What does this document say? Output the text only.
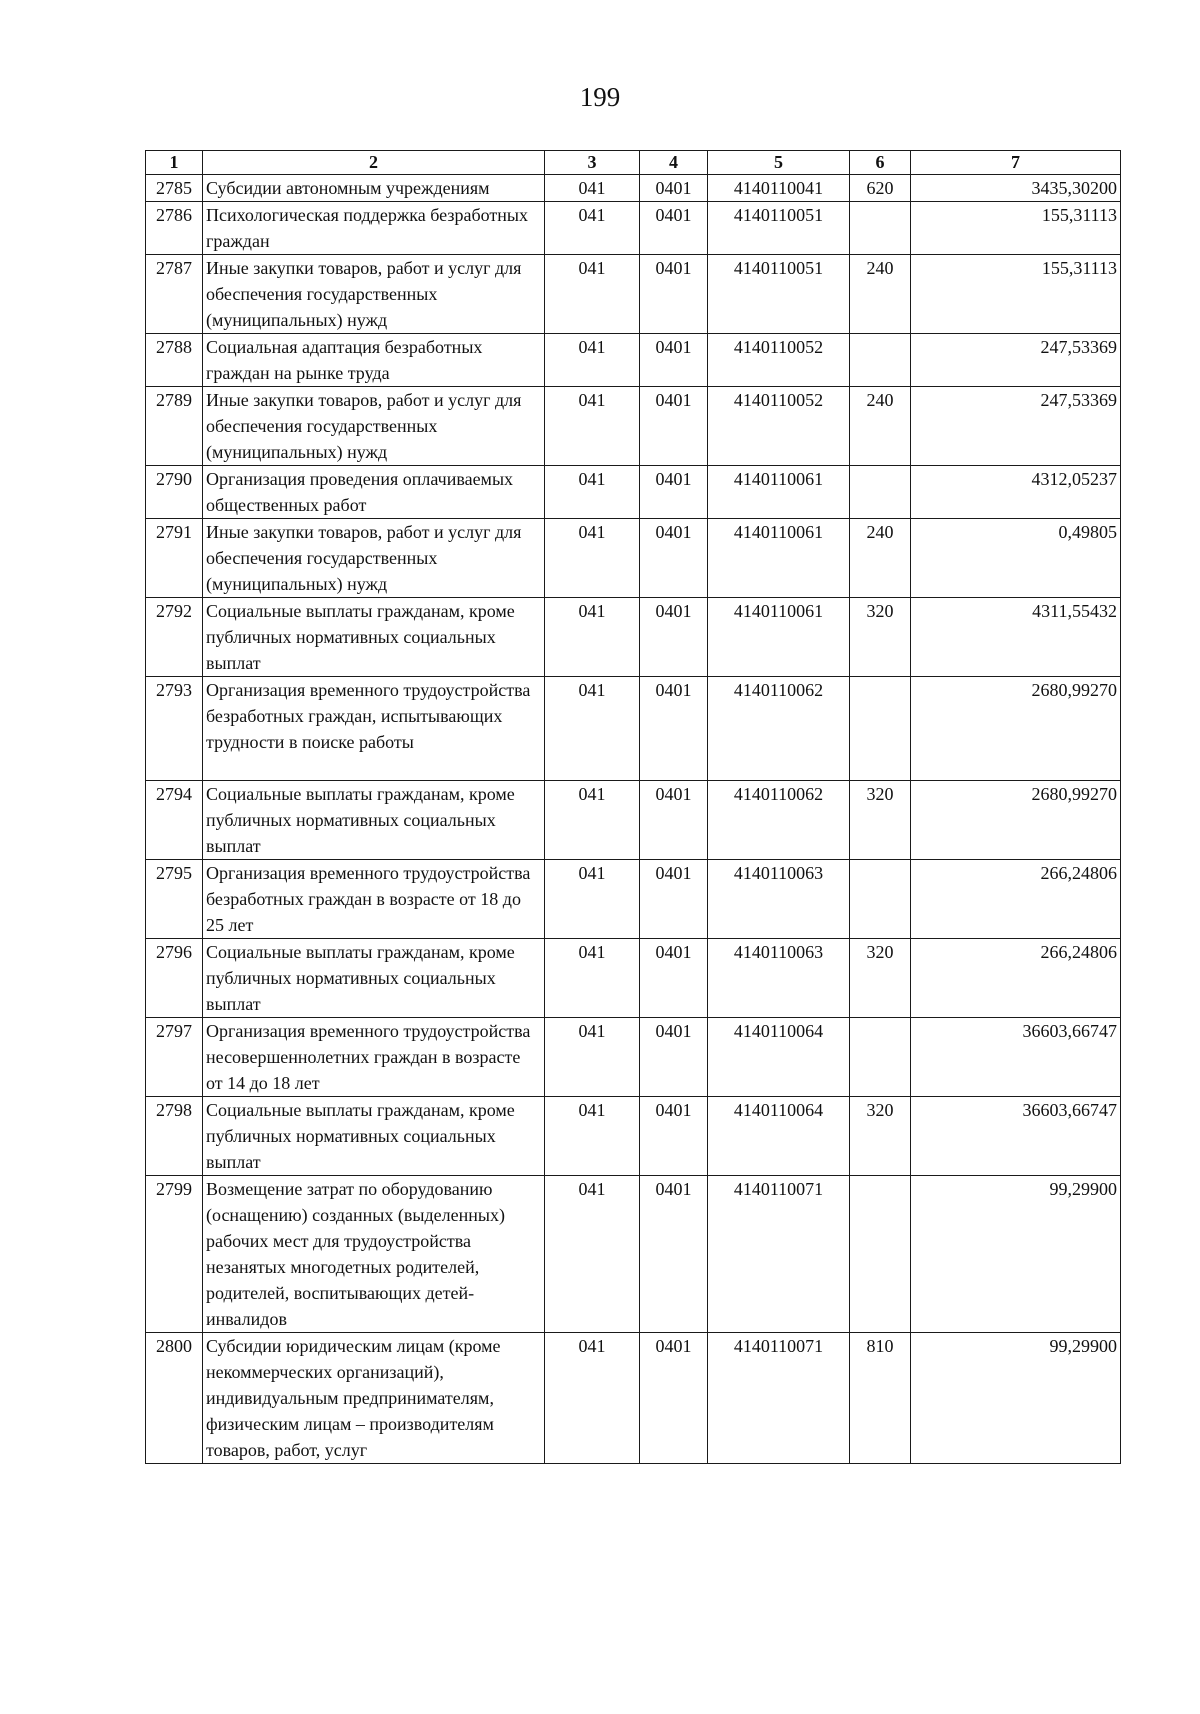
199
1	2	3	4	5	6	7
2785	Субсидии автономным учреждениям	041	0401	4140110041	620	3435,30200
2786	Психологическая поддержка безработных граждан	041	0401	4140110051		155,31113
2787	Иные закупки товаров, работ и услуг для обеспечения государственных (муниципальных) нужд	041	0401	4140110051	240	155,31113
2788	Социальная адаптация безработных граждан на рынке труда	041	0401	4140110052		247,53369
2789	Иные закупки товаров, работ и услуг для обеспечения государственных (муниципальных) нужд	041	0401	4140110052	240	247,53369
2790	Организация проведения оплачиваемых общественных работ	041	0401	4140110061		4312,05237
2791	Иные закупки товаров, работ и услуг для обеспечения государственных (муниципальных) нужд	041	0401	4140110061	240	0,49805
2792	Социальные выплаты гражданам, кроме публичных нормативных социальных выплат	041	0401	4140110061	320	4311,55432
2793	Организация временного трудоустройства безработных граждан, испытывающих трудности в поиске работы	041	0401	4140110062		2680,99270
2794	Социальные выплаты гражданам, кроме публичных нормативных социальных выплат	041	0401	4140110062	320	2680,99270
2795	Организация временного трудоустройства безработных граждан в возрасте от 18 до 25 лет	041	0401	4140110063		266,24806
2796	Социальные выплаты гражданам, кроме публичных нормативных социальных выплат	041	0401	4140110063	320	266,24806
2797	Организация временного трудоустройства несовершеннолетних граждан в возрасте от 14 до 18 лет	041	0401	4140110064		36603,66747
2798	Социальные выплаты гражданам, кроме публичных нормативных социальных выплат	041	0401	4140110064	320	36603,66747
2799	Возмещение затрат по оборудованию (оснащению) созданных (выделенных) рабочих мест для трудоустройства незанятых многодетных родителей, родителей, воспитывающих детей-инвалидов	041	0401	4140110071		99,29900
2800	Субсидии юридическим лицам (кроме некоммерческих организаций), индивидуальным предпринимателям, физическим лицам – производителям товаров, работ, услуг	041	0401	4140110071	810	99,29900
